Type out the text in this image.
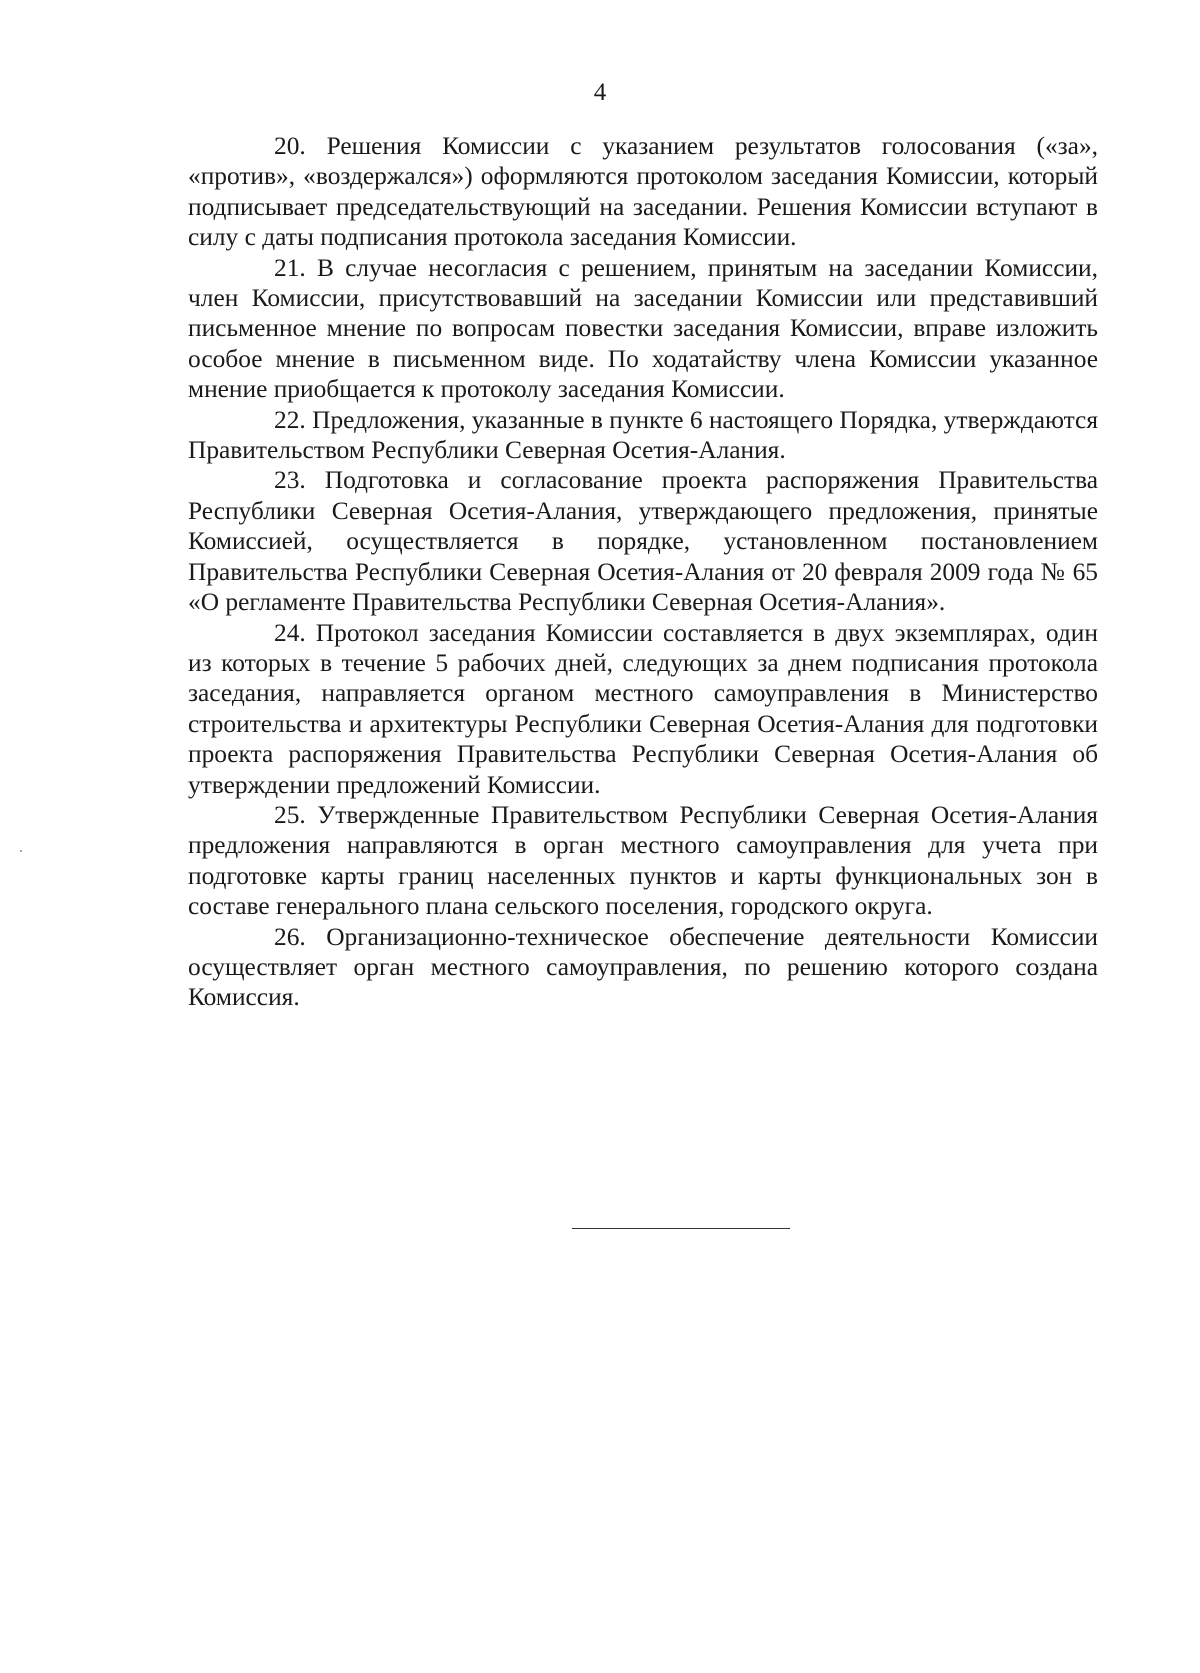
4

20. Решения Комиссии с указанием результатов голосования («за», «против», «воздержался») оформляются протоколом заседания Комиссии, который подписывает председательствующий на заседании. Решения Комиссии вступают в силу с даты подписания протокола заседания Комиссии.

21. В случае несогласия с решением, принятым на заседании Комиссии, член Комиссии, присутствовавший на заседании Комиссии или представивший письменное мнение по вопросам повестки заседания Комиссии, вправе изложить особое мнение в письменном виде. По ходатайству члена Комиссии указанное мнение приобщается к протоколу заседания Комиссии.

22. Предложения, указанные в пункте 6 настоящего Порядка, утверждаются Правительством Республики Северная Осетия-Алания.

23. Подготовка и согласование проекта распоряжения Правительства Республики Северная Осетия-Алания, утверждающего предложения, принятые Комиссией, осуществляется в порядке, установленном постановлением Правительства Республики Северная Осетия-Алания от 20 февраля 2009 года № 65 «О регламенте Правительства Республики Северная Осетия-Алания».

24. Протокол заседания Комиссии составляется в двух экземплярах, один из которых в течение 5 рабочих дней, следующих за днем подписания протокола заседания, направляется органом местного самоуправления в Министерство строительства и архитектуры Республики Северная Осетия-Алания для подготовки проекта распоряжения Правительства Республики Северная Осетия-Алания об утверждении предложений Комиссии.

25. Утвержденные Правительством Республики Северная Осетия-Алания предложения направляются в орган местного самоуправления для учета при подготовке карты границ населенных пунктов и карты функциональных зон в составе генерального плана сельского поселения, городского округа.

26. Организационно-техническое обеспечение деятельности Комиссии осуществляет орган местного самоуправления, по решению которого создана Комиссия.
